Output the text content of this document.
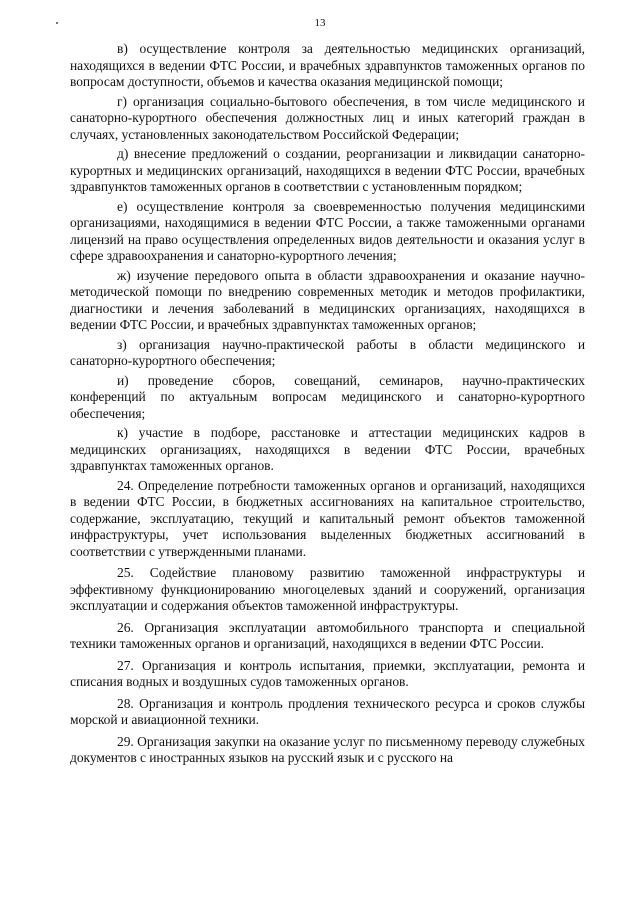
13

в) осуществление контроля за деятельностью медицинских организаций, находящихся в ведении ФТС России, и врачебных здравпунктов таможенных органов по вопросам доступности, объемов и качества оказания медицинской помощи;

г) организация социально-бытового обеспечения, в том числе медицинского и санаторно-курортного обеспечения должностных лиц и иных категорий граждан в случаях, установленных законодательством Российской Федерации;

д) внесение предложений о создании, реорганизации и ликвидации санаторно-курортных и медицинских организаций, находящихся в ведении ФТС России, врачебных здравпунктов таможенных органов в соответствии с установленным порядком;

е) осуществление контроля за своевременностью получения медицинскими организациями, находящимися в ведении ФТС России, а также таможенными органами лицензий на право осуществления определенных видов деятельности и оказания услуг в сфере здравоохранения и санаторно-курортного лечения;

ж) изучение передового опыта в области здравоохранения и оказание научно-методической помощи по внедрению современных методик и методов профилактики, диагностики и лечения заболеваний в медицинских организациях, находящихся в ведении ФТС России, и врачебных здравпунктах таможенных органов;

з) организация научно-практической работы в области медицинского и санаторно-курортного обеспечения;

и) проведение сборов, совещаний, семинаров, научно-практических конференций по актуальным вопросам медицинского и санаторно-курортного обеспечения;

к) участие в подборе, расстановке и аттестации медицинских кадров в медицинских организациях, находящихся в ведении ФТС России, врачебных здравпунктах таможенных органов.

24. Определение потребности таможенных органов и организаций, находящихся в ведении ФТС России, в бюджетных ассигнованиях на капитальное строительство, содержание, эксплуатацию, текущий и капитальный ремонт объектов таможенной инфраструктуры, учет использования выделенных бюджетных ассигнований в соответствии с утвержденными планами.

25. Содействие плановому развитию таможенной инфраструктуры и эффективному функционированию многоцелевых зданий и сооружений, организация эксплуатации и содержания объектов таможенной инфраструктуры.

26. Организация эксплуатации автомобильного транспорта и специальной техники таможенных органов и организаций, находящихся в ведении ФТС России.

27. Организация и контроль испытания, приемки, эксплуатации, ремонта и списания водных и воздушных судов таможенных органов.

28. Организация и контроль продления технического ресурса и сроков службы морской и авиационной техники.

29. Организация закупки на оказание услуг по письменному переводу служебных документов с иностранных языков на русский язык и с русского на
